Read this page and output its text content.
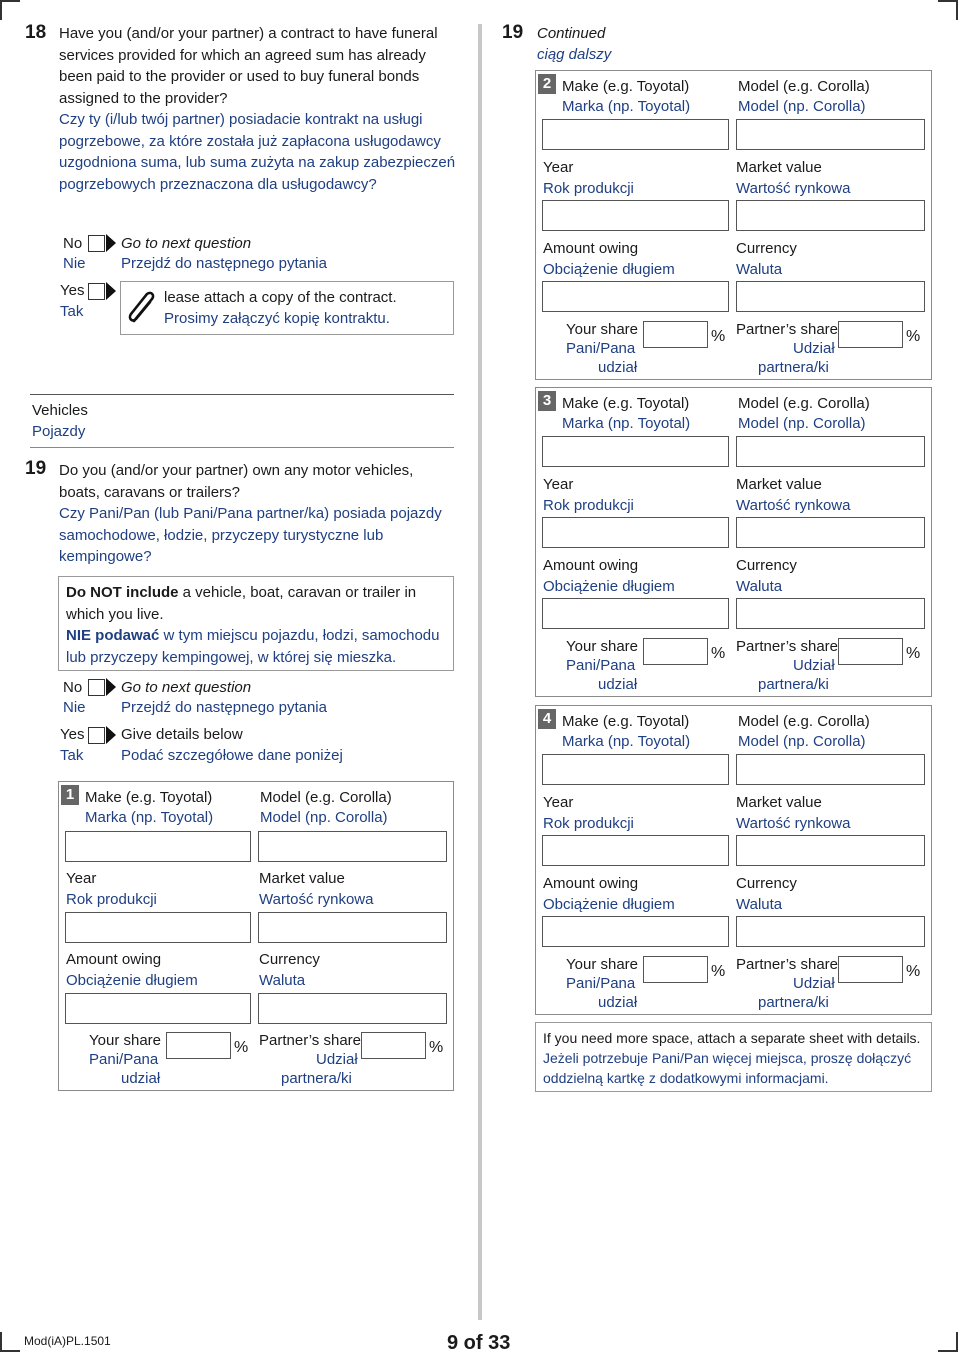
18 Have you (and/or your partner) a contract to have funeral
services provided for which an agreed sum has already
been paid to the provider or used to buy funeral bonds
assigned to the provider?
Czy ty (i/lub twój partner) posiadacie kontrakt na usługi
pogrzebowe, za które została już zapłacona usługodawcy
uzgodniona suma, lub suma zużyta na zakup zabezpieczeń
pogrzebowych przeznaczona dla usługodawcy?
No
Nie
Go to next question
Przejdź do następnego pytania
Yes
Tak
lease attach a copy of the contract.
Prosimy załączyć kopię kontraktu.
Vehicles
Pojazdy
19 Do you (and/or your partner) own any motor vehicles,
boats, caravans or trailers?
Czy Pani/Pan (lub Pani/Pana partner/ka) posiada pojazdy
samochodowe, łodzie, przyczepy turystyczne lub
kempingowe?
Do NOT include a vehicle, boat, caravan or trailer in
which you live.
NIE podawać w tym miejscu pojazdu, łodzi, samochodu
lub przyczepy kempingowej, w której się mieszka.
No
Nie
Go to next question
Przejdź do następnego pytania
Yes
Tak
Give details below
Podać szczegółowe dane poniżej
1 Make (e.g. Toyotal)
Marka (np. Toyotal)
Model (e.g. Corolla)
Model (np. Corolla)
Year
Rok produkcji
Market value
Wartość rynkowa
Amount owing
Obciążenie długiem
Currency
Waluta
Your share
Pani/Pana
udział
% Partner’s share
Udział
partnera/ki
%
19 Continued
ciąg dalszy
2 Make (e.g. Toyotal)
Marka (np. Toyotal)
Model (e.g. Corolla)
Model (np. Corolla)
Year
Rok produkcji
Market value
Wartość rynkowa
Amount owing
Obciążenie długiem
Currency
Waluta
Your share
Pani/Pana
udział
% Partner’s share
Udział
partnera/ki
%
3 Make (e.g. Toyotal)
Marka (np. Toyotal)
Model (e.g. Corolla)
Model (np. Corolla)
Year
Rok produkcji
Market value
Wartość rynkowa
Amount owing
Obciążenie długiem
Currency
Waluta
Your share
Pani/Pana
udział
% Partner’s share
Udział
partnera/ki
%
4 Make (e.g. Toyotal)
Marka (np. Toyotal)
Model (e.g. Corolla)
Model (np. Corolla)
Year
Rok produkcji
Market value
Wartość rynkowa
Amount owing
Obciążenie długiem
Currency
Waluta
Your share
Pani/Pana
udział
% Partner’s share
Udział
partnera/ki
%
If you need more space, attach a separate sheet with details.
Jeżeli potrzebuje Pani/Pan więcej miejsca, proszę dołączyć
oddzielną kartkę z dodatkowymi informacjami.
Mod(iA)PL.1501	9 of 33
